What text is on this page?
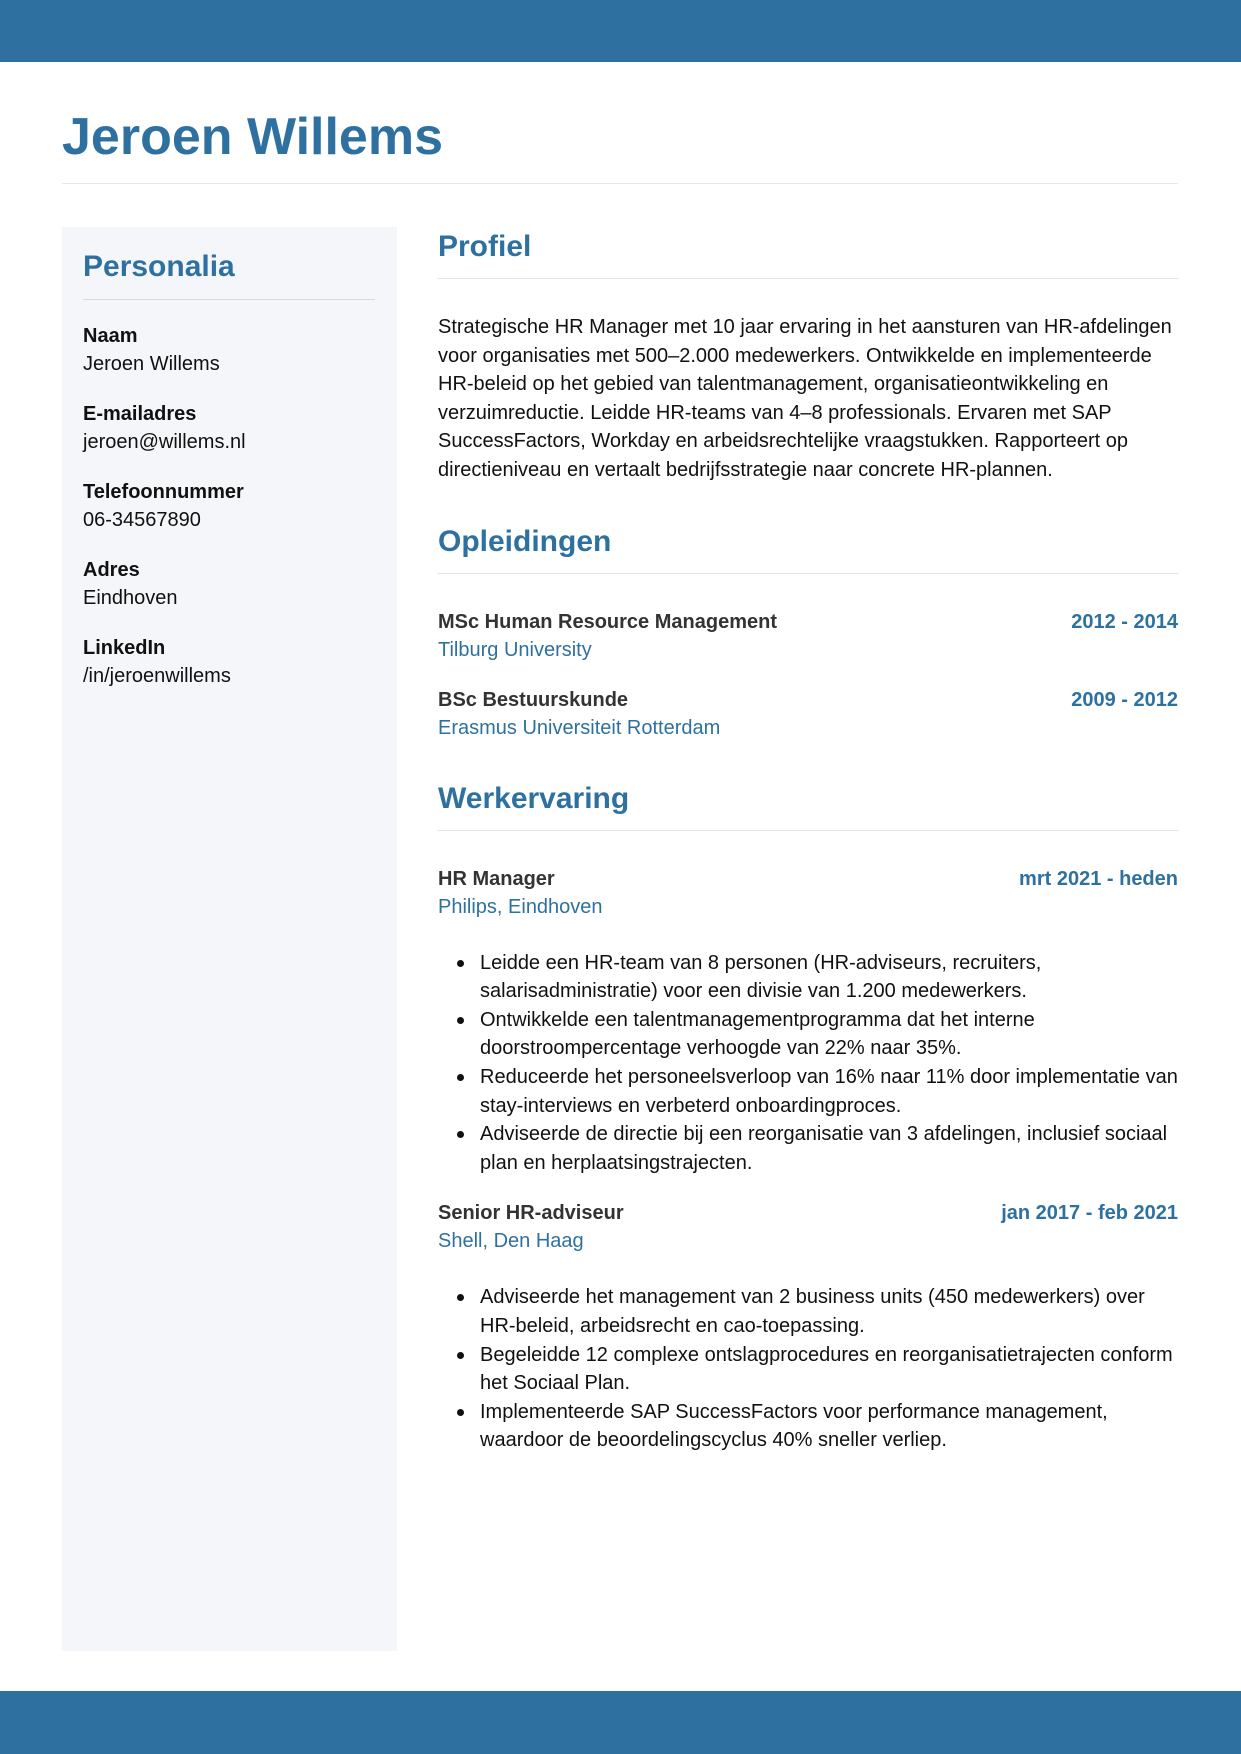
Jeroen Willems
Personalia
Naam
Jeroen Willems
E-mailadres
jeroen@willems.nl
Telefoonnummer
06-34567890
Adres
Eindhoven
LinkedIn
/in/jeroenwillems
Profiel

Strategische HR Manager met 10 jaar ervaring in het aansturen van HR-afdelingen voor organisaties met 500–2.000 medewerkers. Ontwikkelde en implementeerde HR-beleid op het gebied van talentmanagement, organisatieontwikkeling en verzuimreductie. Leidde HR-teams van 4–8 professionals. Ervaren met SAP SuccessFactors, Workday en arbeidsrechtelijke vraagstukken. Rapporteert op directieniveau en vertaalt bedrijfsstrategie naar concrete HR-plannen.

Opleidingen
MSc Human Resource Management	2012 - 2014
Tilburg University
BSc Bestuurskunde	2009 - 2012
Erasmus Universiteit Rotterdam
Werkervaring
HR Manager	mrt 2021 - heden
Philips, Eindhoven
Leidde een HR-team van 8 personen (HR-adviseurs, recruiters, salarisadministratie) voor een divisie van 1.200 medewerkers.
Ontwikkelde een talentmanagementprogramma dat het interne doorstroompercentage verhoogde van 22% naar 35%.
Reduceerde het personeelsverloop van 16% naar 11% door implementatie van stay-interviews en verbeterd onboardingproces.
Adviseerde de directie bij een reorganisatie van 3 afdelingen, inclusief sociaal plan en herplaatsingstrajecten.
Senior HR-adviseur	jan 2017 - feb 2021
Shell, Den Haag
Adviseerde het management van 2 business units (450 medewerkers) over HR-beleid, arbeidsrecht en cao-toepassing.
Begeleidde 12 complexe ontslagprocedures en reorganisatietrajecten conform het Sociaal Plan.
Implementeerde SAP SuccessFactors voor performance management, waardoor de beoordelingscyclus 40% sneller verliep.
